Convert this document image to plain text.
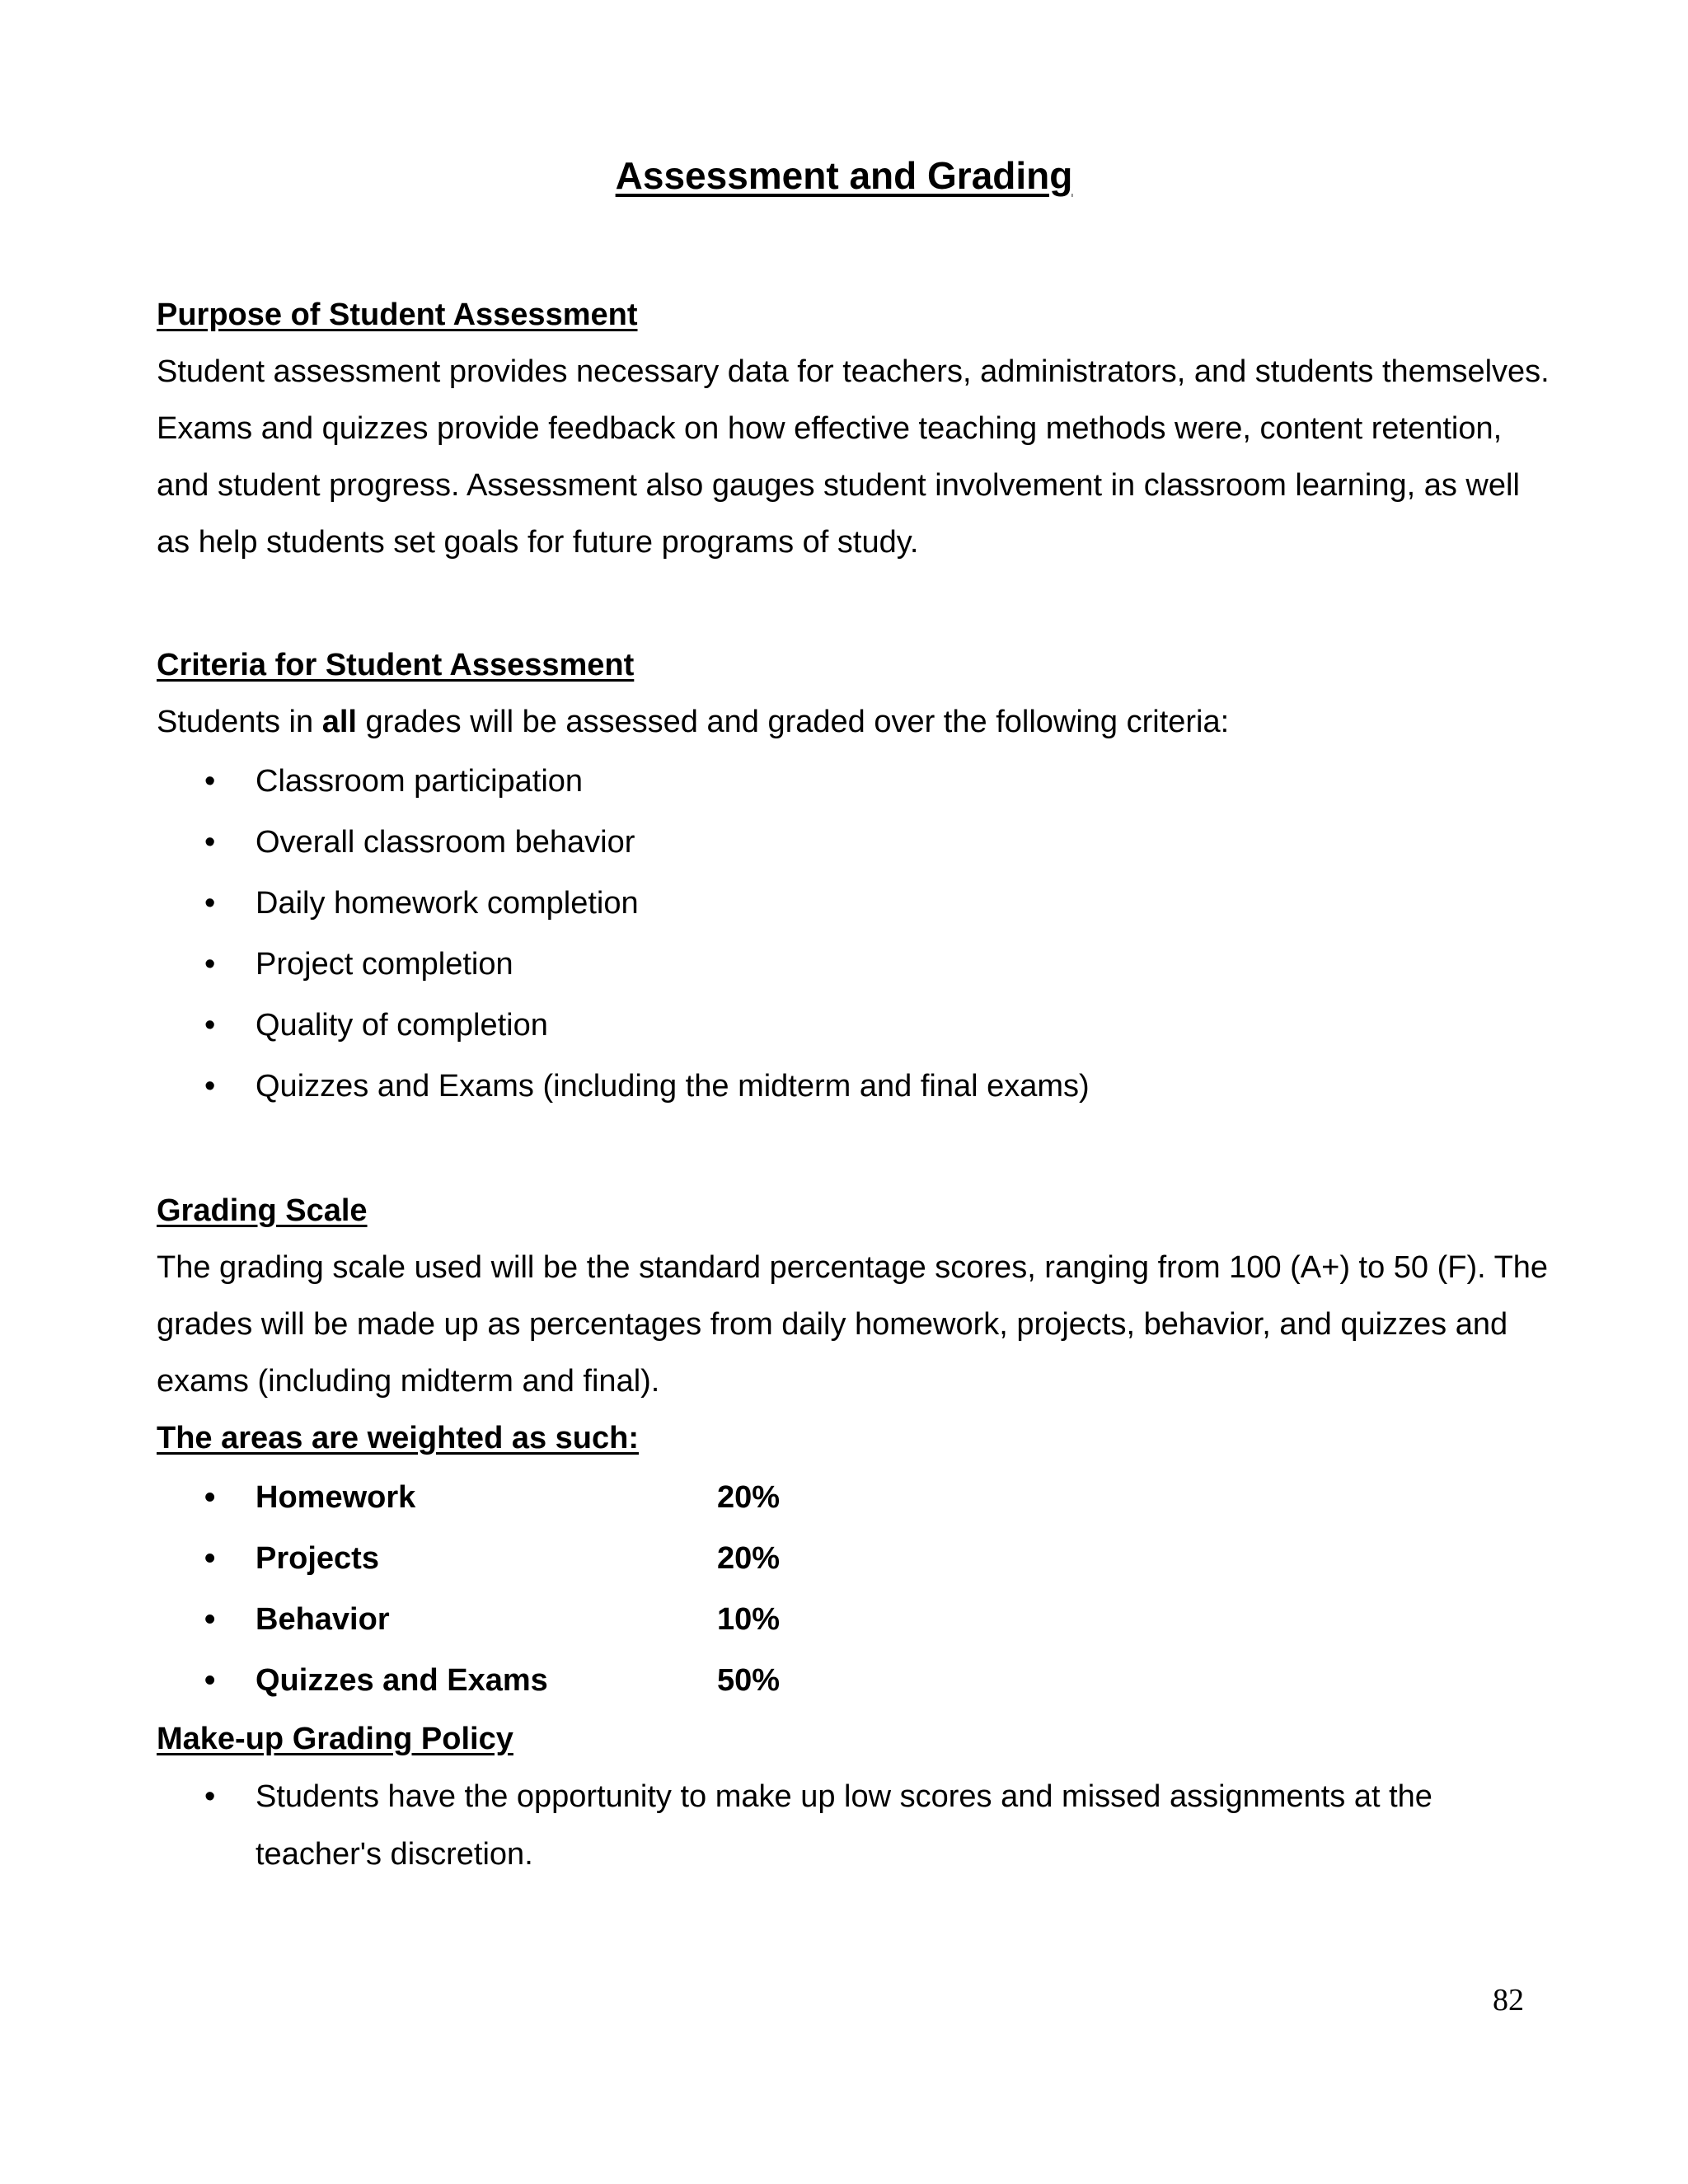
Assessment and Grading

Purpose of Student Assessment

Student assessment provides necessary data for teachers, administrators, and students themselves. Exams and quizzes provide feedback on how effective teaching methods were, content retention, and student progress. Assessment also gauges student involvement in classroom learning, as well as help students set goals for future programs of study.

Criteria for Student Assessment

Students in all grades will be assessed and graded over the following criteria:

• Classroom participation
• Overall classroom behavior
• Daily homework completion
• Project completion
• Quality of completion
• Quizzes and Exams (including the midterm and final exams)

Grading Scale

The grading scale used will be the standard percentage scores, ranging from 100 (A+) to 50 (F). The grades will be made up as percentages from daily homework, projects, behavior, and quizzes and exams (including midterm and final).

The areas are weighted as such:

• Homework	20%
• Projects	20%
• Behavior	10%
• Quizzes and Exams	50%

Make-up Grading Policy

• Students have the opportunity to make up low scores and missed assignments at the teacher's discretion.
82
